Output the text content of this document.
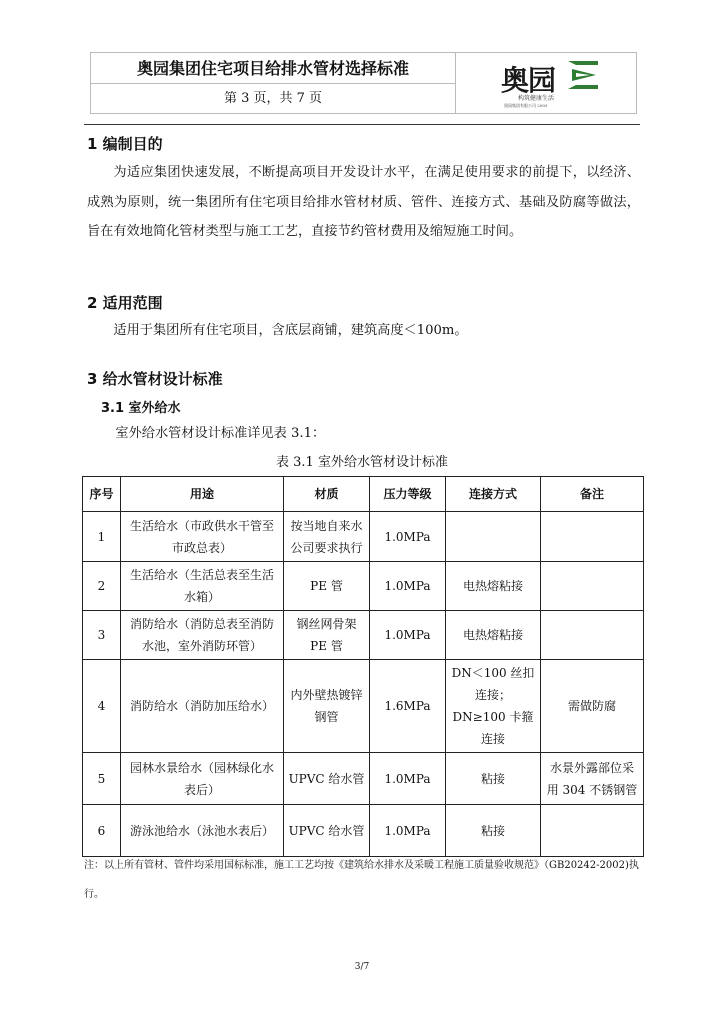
奥园集团住宅项目给排水管材选择标准
第 3 页，共 7 页
奥园
构筑健康生活
奥园集团有限公司 2003
1 编制目的

为适应集团快速发展，不断提高项目开发设计水平，在满足使用要求的前提下，以经济、成熟为原则，统一集团所有住宅项目给排水管材材质、管件、连接方式、基础及防腐等做法，旨在有效地简化管材类型与施工工艺，直接节约管材费用及缩短施工时间。

2 适用范围

适用于集团所有住宅项目，含底层商铺，建筑高度＜100m。

3 给水管材设计标准
3.1 室外给水

室外给水管材设计标准详见表 3.1：

表 3.1 室外给水管材设计标准
序号	用途	材质	压力等级	连接方式	备注
1	生活给水（市政供水干管至市政总表）	按当地自来水公司要求执行	1.0MPa		
2	生活给水（生活总表至生活水箱）	PE 管	1.0MPa	电热熔粘接	
3	消防给水（消防总表至消防水池，室外消防环管）	钢丝网骨架 PE 管	1.0MPa	电热熔粘接	
4	消防给水（消防加压给水）	内外壁热镀锌钢管	1.6MPa	DN＜100 丝扣连接；DN≥100 卡箍连接	需做防腐
5	园林水景给水（园林绿化水表后）	UPVC 给水管	1.0MPa	粘接	水景外露部位采用 304 不锈钢管
6	游泳池给水（泳池水表后）	UPVC 给水管	1.0MPa	粘接	

注：以上所有管材、管件均采用国标标准，施工工艺均按《建筑给水排水及采暖工程施工质量验收规范》（GB20242-2002)执行。

3/7
